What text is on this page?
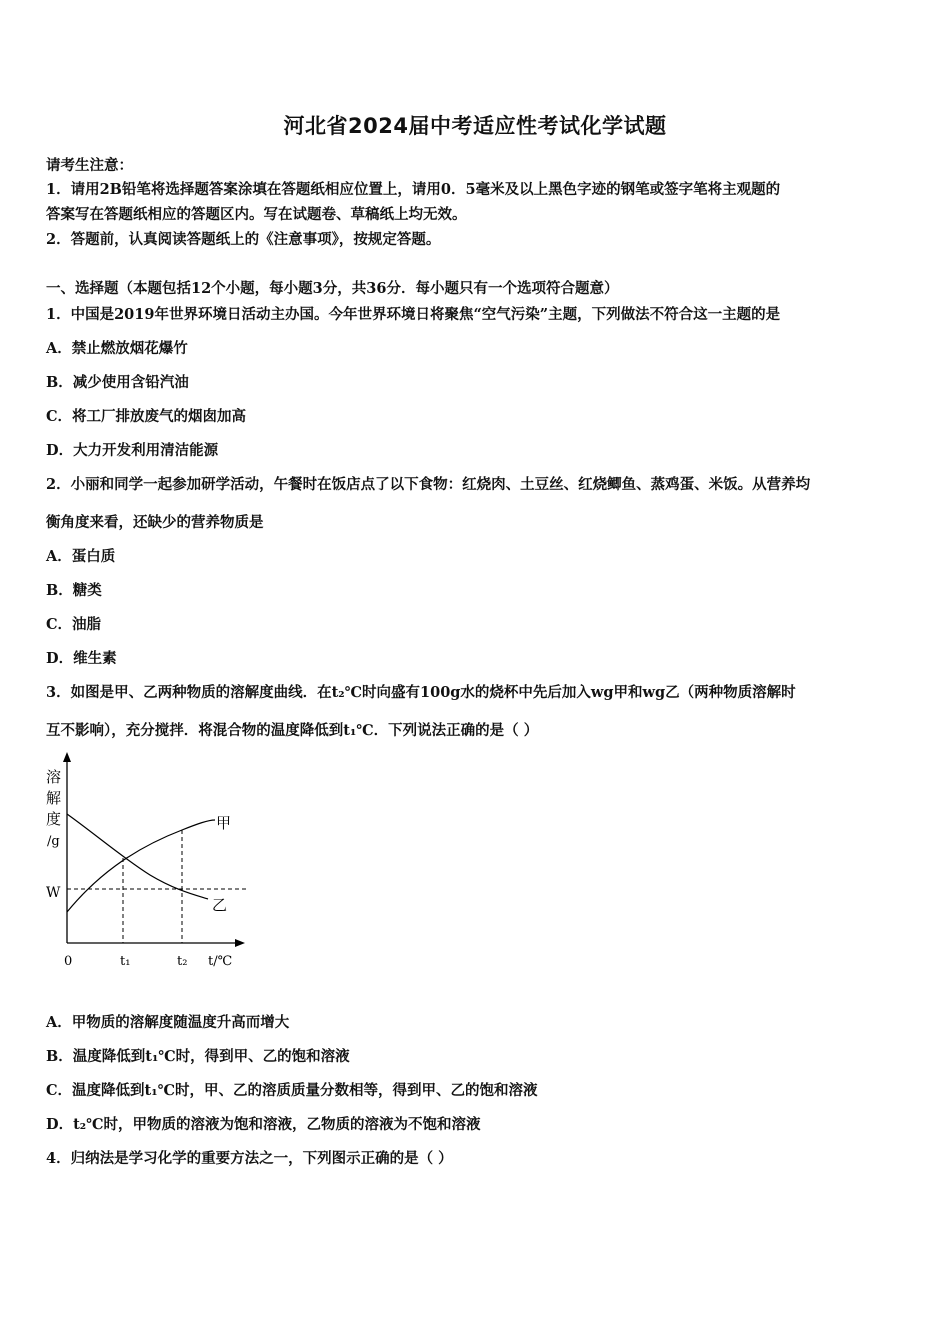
河北省2024届中考适应性考试化学试题
请考生注意：
1．请用2B铅笔将选择题答案涂填在答题纸相应位置上，请用0．5毫米及以上黑色字迹的钢笔或签字笔将主观题的
答案写在答题纸相应的答题区内。写在试题卷、草稿纸上均无效。
2．答题前，认真阅读答题纸上的《注意事项》，按规定答题。
一、选择题（本题包括12个小题，每小题3分，共36分．每小题只有一个选项符合题意）
1．中国是2019年世界环境日活动主办国。今年世界环境日将聚焦“空气污染”主题，下列做法不符合这一主题的是
A．禁止燃放烟花爆竹
B．减少使用含铅汽油
C．将工厂排放废气的烟囱加高
D．大力开发利用清洁能源
2．小丽和同学一起参加研学活动，午餐时在饭店点了以下食物：红烧肉、土豆丝、红烧鲫鱼、蒸鸡蛋、米饭。从营养均
衡角度来看，还缺少的营养物质是
A．蛋白质
B．糖类
C．油脂
D．维生素
3．如图是甲、乙两种物质的溶解度曲线．在t₂℃时向盛有100g水的烧杯中先后加入wg甲和wg乙（两种物质溶解时
互不影响），充分搅拌．将混合物的温度降低到t₁℃．下列说法正确的是（ ）
溶
解
度
/g
W
甲
乙
0	t₁	t₂ t/℃
A．甲物质的溶解度随温度升高而增大
B．温度降低到t₁℃时，得到甲、乙的饱和溶液
C．温度降低到t₁℃时，甲、乙的溶质质量分数相等，得到甲、乙的饱和溶液
D．t₂℃时，甲物质的溶液为饱和溶液，乙物质的溶液为不饱和溶液
4．归纳法是学习化学的重要方法之一，下列图示正确的是（ ）
